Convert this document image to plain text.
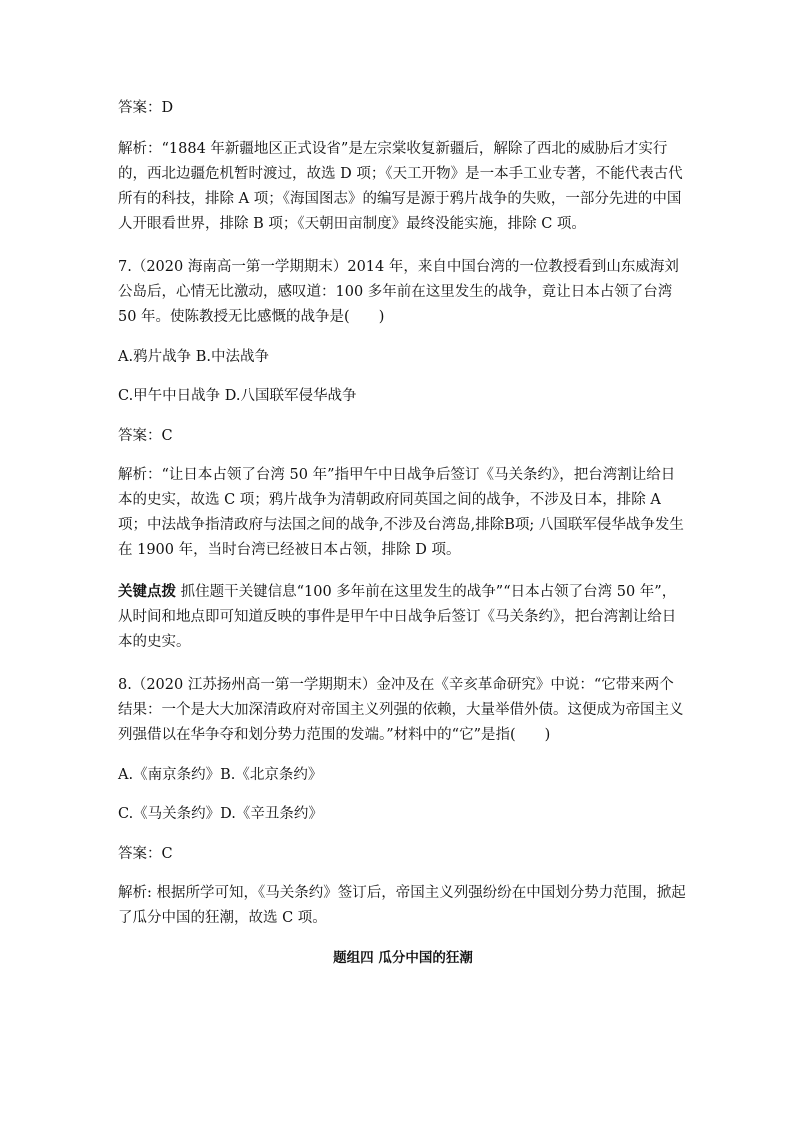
答案：D

解析：“1884 年新疆地区正式设省”是左宗棠收复新疆后，解除了西北的威胁后才实行的，西北边疆危机暂时渡过，故选 D 项；《天工开物》是一本手工业专著，不能代表古代所有的科技，排除 A 项；《海国图志》的编写是源于鸦片战争的失败，一部分先进的中国人开眼看世界，排除 B 项；《天朝田亩制度》最终没能实施，排除 C 项。

7.（2020 海南高一第一学期期末）2014 年，来自中国台湾的一位教授看到山东威海刘公岛后，心情无比激动，感叹道：100 多年前在这里发生的战争，竟让日本占领了台湾 50 年。使陈教授无比感慨的战争是(　　)

A.鸦片战争 B.中法战争

C.甲午中日战争 D.八国联军侵华战争

答案：C

解析：“让日本占领了台湾 50 年”指甲午中日战争后签订《马关条约》，把台湾割让给日本的史实，故选 C 项；鸦片战争为清朝政府同英国之间的战争，不涉及日本，排除 A 项；中法战争指清政府与法国之间的战争,不涉及台湾岛,排除B项; 八国联军侵华战争发生在 1900 年，当时台湾已经被日本占领，排除 D 项。

关键点拨 抓住题干关键信息“100 多年前在这里发生的战争”“日本占领了台湾 50 年”，从时间和地点即可知道反映的事件是甲午中日战争后签订《马关条约》，把台湾割让给日本的史实。

8.（2020 江苏扬州高一第一学期期末）金冲及在《辛亥革命研究》中说：“它带来两个结果：一个是大大加深清政府对帝国主义列强的依赖，大量举借外债。这便成为帝国主义列强借以在华争夺和划分势力范围的发端。”材料中的“它”是指(　　)

A.《南京条约》B.《北京条约》

C.《马关条约》D.《辛丑条约》

答案：C

解析: 根据所学可知，《马关条约》签订后，帝国主义列强纷纷在中国划分势力范围，掀起了瓜分中国的狂潮，故选 C 项。

题组四 瓜分中国的狂潮
